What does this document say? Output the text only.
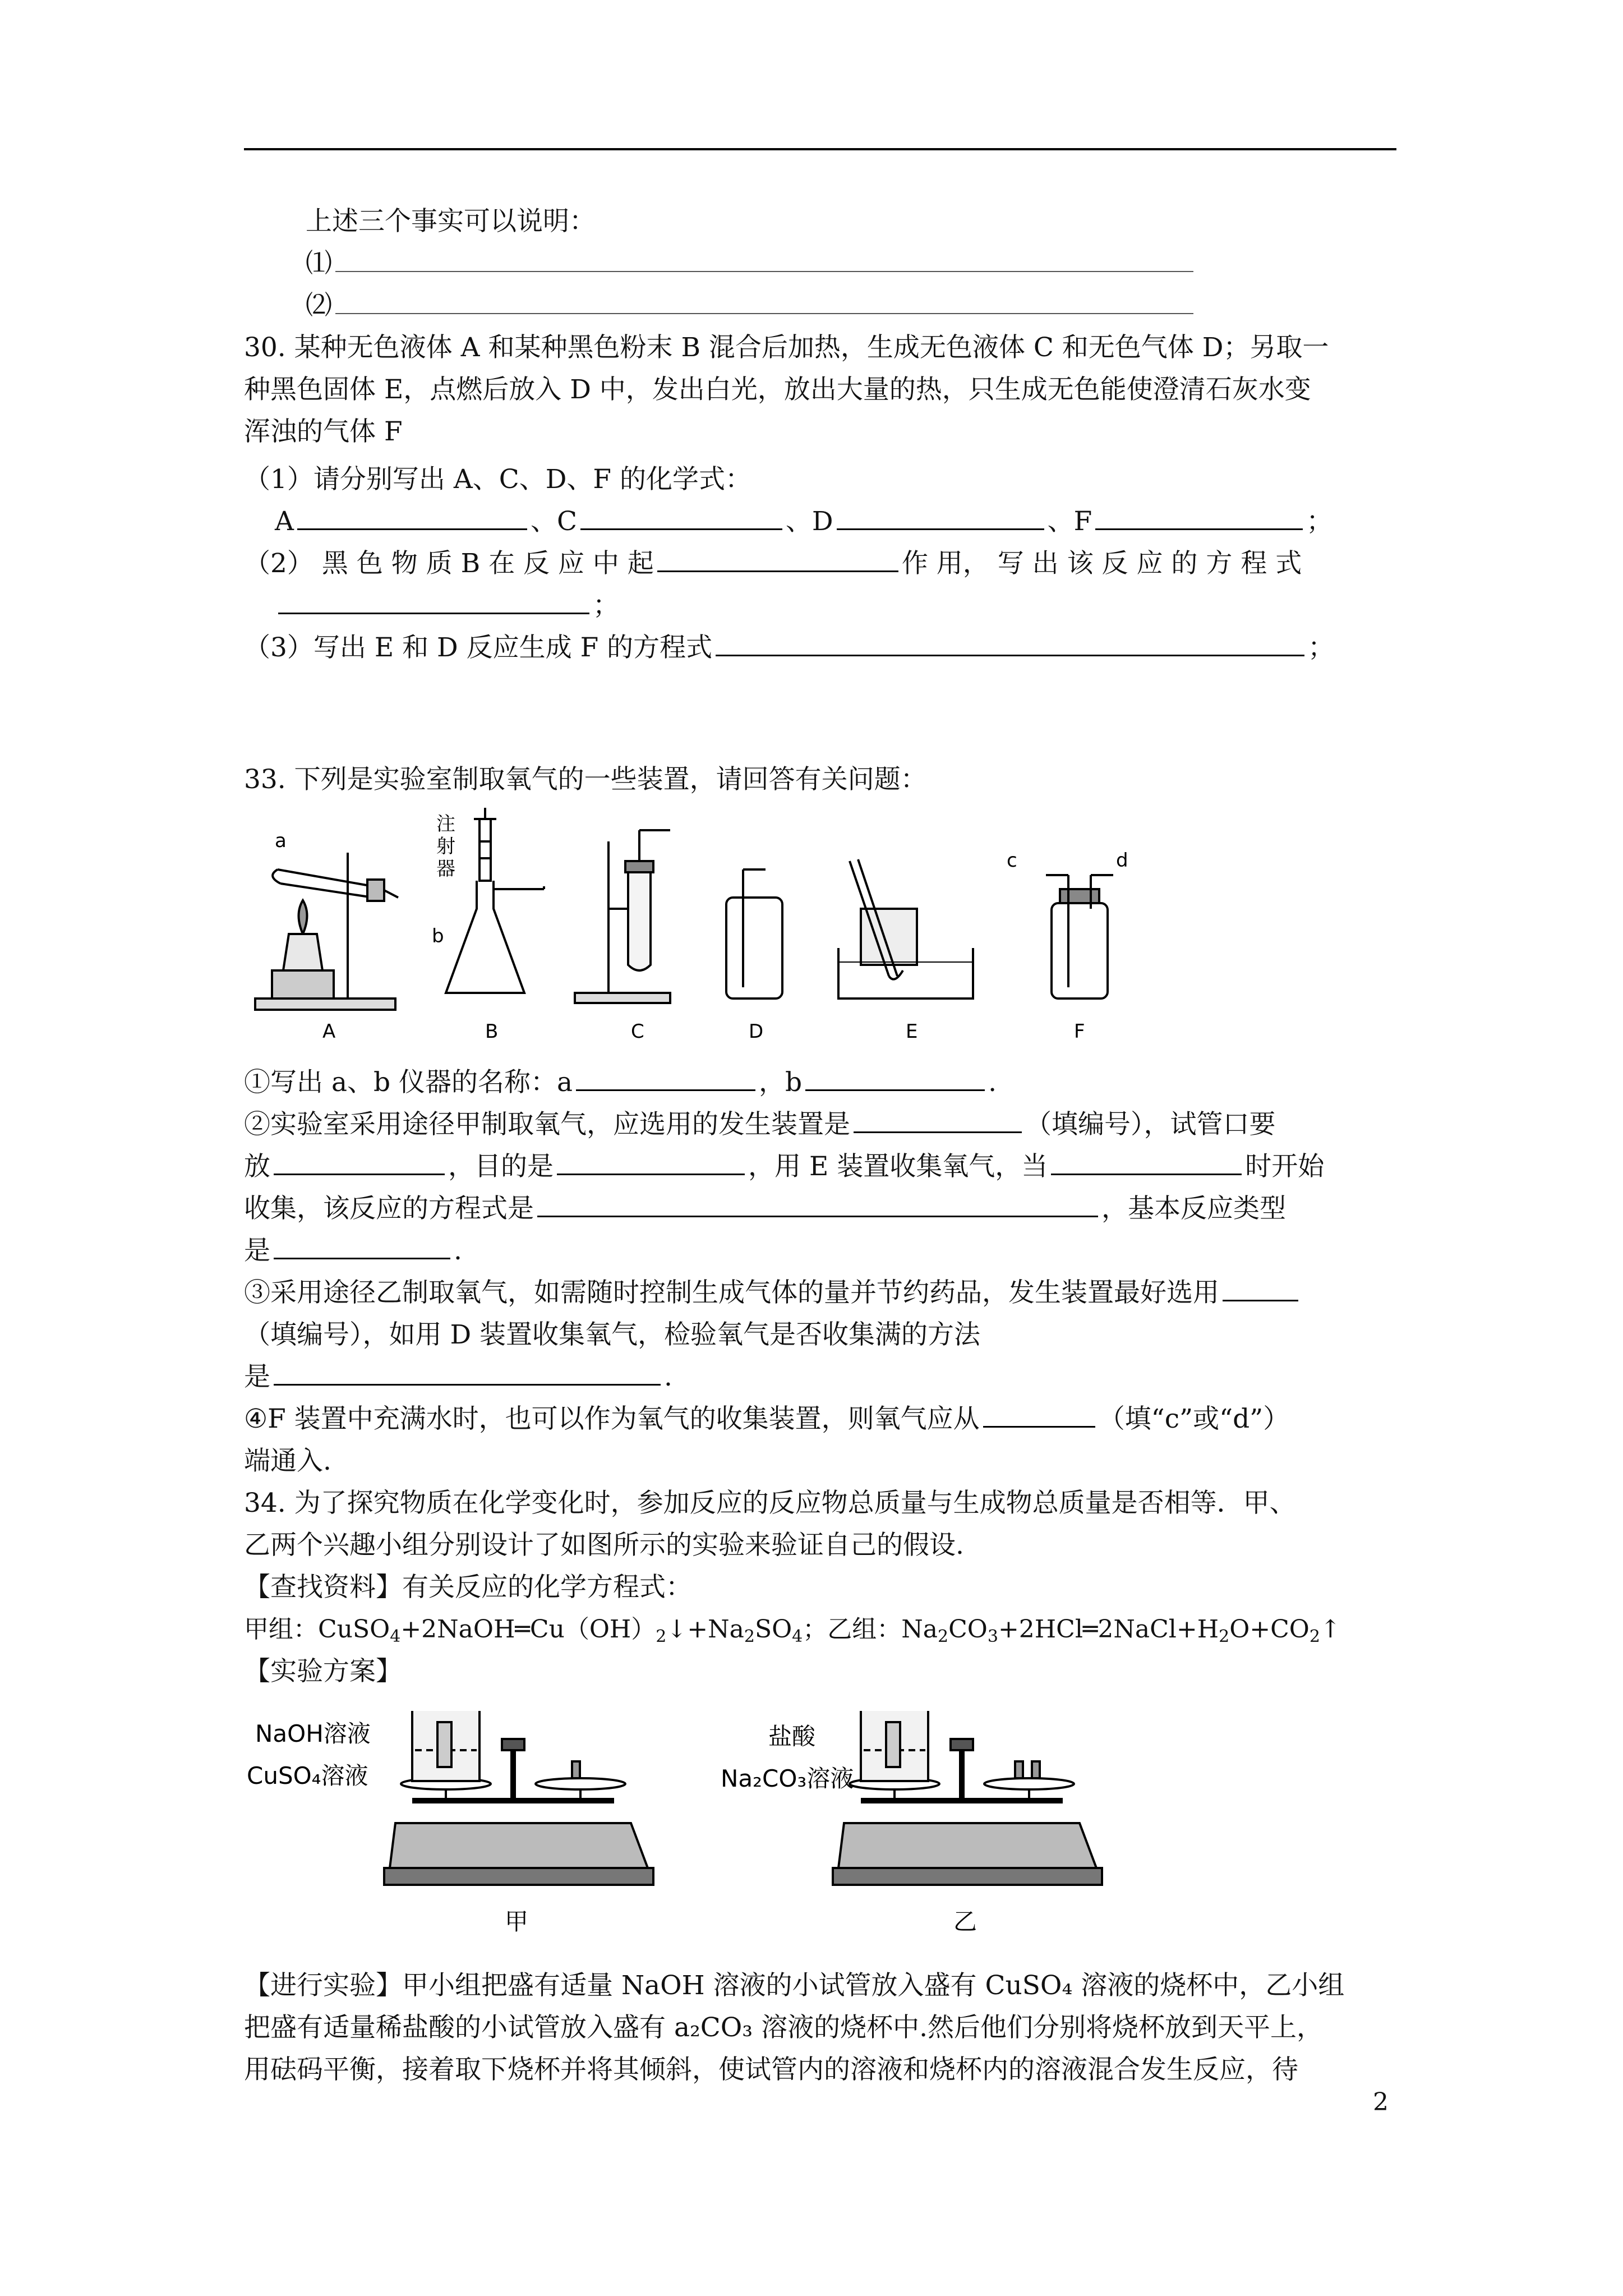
上述三个事实可以说明：
⑴
⑵
30. 某种无色液体 A 和某种黑色粉末 B 混合后加热，生成无色液体 C 和无色气体 D；另取一
种黑色固体 E，点燃后放入 D 中，发出白光，放出大量的热，只生成无色能使澄清石灰水变
浑浊的气体 F
（1）请分别写出 A、C、D、F 的化学式：
A	、C	、D	、F	；
（2） 黑 色 物 质 B 在 反 应 中 起	作 用， 写 出 该 反 应 的 方 程 式
；
（3）写出 E 和 D 反应生成 F 的方程式	；
33. 下列是实验室制取氧气的一些装置，请回答有关问题：
a
b
c	d
注
射
器
A	B	C	D	E	F
①写出 a、b 仪器的名称：a	，b	.
②实验室采用途径甲制取氧气，应选用的发生装置是	（填编号），试管口要
放	，目的是	，用 E 装置收集氧气，当	时开始
收集，该反应的方程式是	，基本反应类型
是	.
③采用途径乙制取氧气，如需随时控制生成气体的量并节约药品，发生装置最好选用
（填编号），如用 D 装置收集氧气，检验氧气是否收集满的方法
是	.
④F 装置中充满水时，也可以作为氧气的收集装置，则氧气应从	（填“c”或“d”）
端通入.
34. 为了探究物质在化学变化时，参加反应的反应物总质量与生成物总质量是否相等．甲、
乙两个兴趣小组分别设计了如图所示的实验来验证自己的假设.
【查找资料】有关反应的化学方程式：
甲组：$CuSO_4+2NaOH═Cu(OH)_2↓+Na_2SO_4$；乙组：$Na_2CO_3+2HCl═2NaCl+H_2O+CO_2↑$
【实验方案】
NaOH溶液
CuSO₄溶液
甲
盐酸
Na₂CO₃溶液
乙
【进行实验】甲小组把盛有适量 NaOH 溶液的小试管放入盛有 CuSO₄ 溶液的烧杯中，乙小组
把盛有适量稀盐酸的小试管放入盛有 a₂CO₃ 溶液的烧杯中.然后他们分别将烧杯放到天平上，
用砝码平衡，接着取下烧杯并将其倾斜，使试管内的溶液和烧杯内的溶液混合发生反应，待
2
